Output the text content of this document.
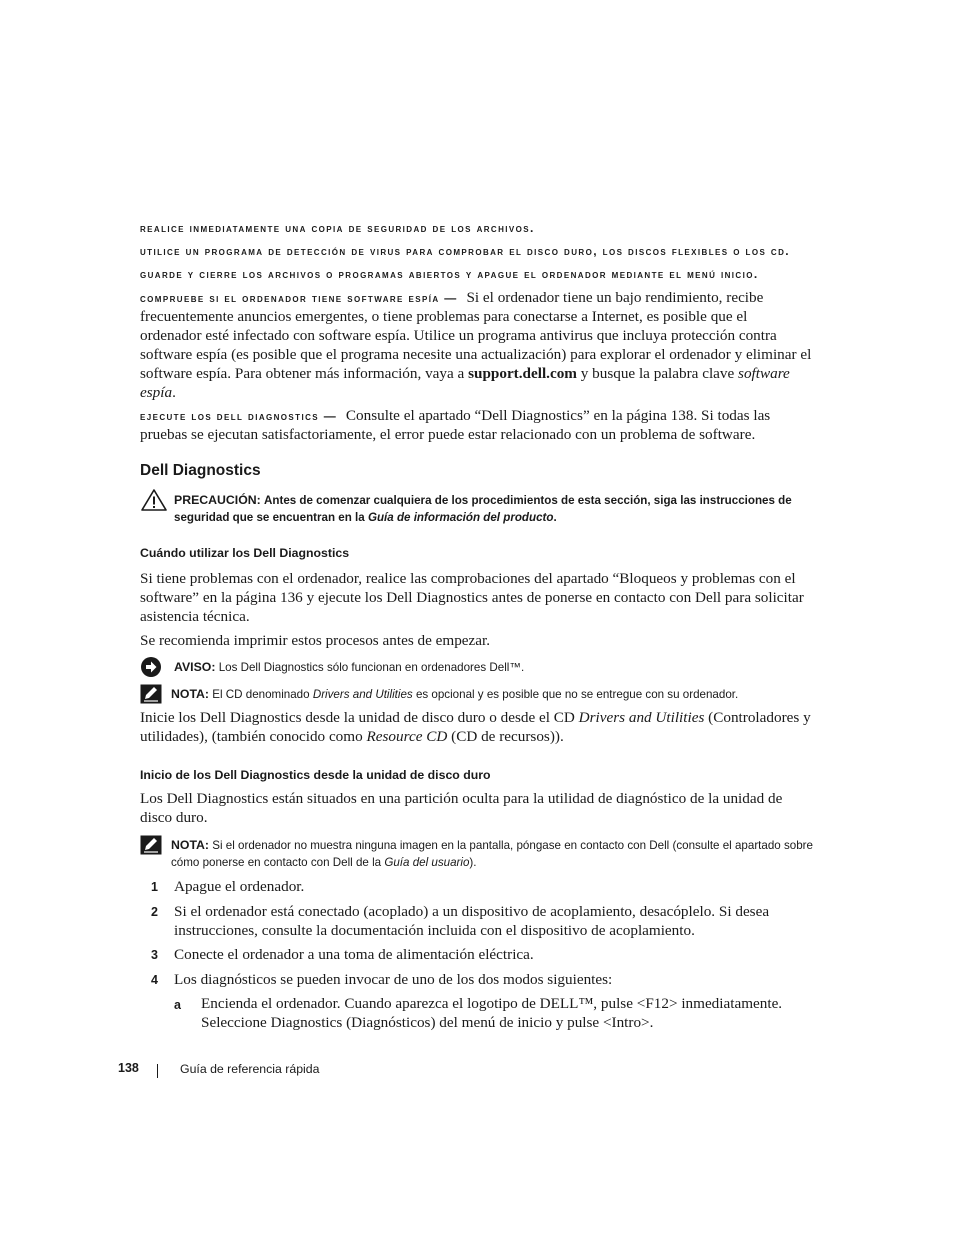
realice inmediatamente una copia de seguridad de los archivos.
utilice un programa de detección de virus para comprobar el disco duro, los discos flexibles o los cd.
guarde y cierre los archivos o programas abiertos y apague el ordenador mediante el menú inicio.

compruebe si el ordenador tiene software espía — Si el ordenador tiene un bajo rendimiento, recibe frecuentemente anuncios emergentes, o tiene problemas para conectarse a Internet, es posible que el ordenador esté infectado con software espía. Utilice un programa antivirus que incluya protección contra software espía (es posible que el programa necesite una actualización) para explorar el ordenador y eliminar el software espía. Para obtener más información, vaya a support.dell.com y busque la palabra clave software espía.

ejecute los dell diagnostics — Consulte el apartado “Dell Diagnostics” en la página 138. Si todas las pruebas se ejecutan satisfactoriamente, el error puede estar relacionado con un problema de software.

Dell Diagnostics

PRECAUCIÓN: Antes de comenzar cualquiera de los procedimientos de esta sección, siga las instrucciones de seguridad que se encuentran en la Guía de información del producto.

Cuándo utilizar los Dell Diagnostics

Si tiene problemas con el ordenador, realice las comprobaciones del apartado “Bloqueos y problemas con el software” en la página 136 y ejecute los Dell Diagnostics antes de ponerse en contacto con Dell para solicitar asistencia técnica.

Se recomienda imprimir estos procesos antes de empezar.

AVISO: Los Dell Diagnostics sólo funcionan en ordenadores Dell™.

NOTA: El CD denominado Drivers and Utilities es opcional y es posible que no se entregue con su ordenador.

Inicie los Dell Diagnostics desde la unidad de disco duro o desde el CD Drivers and Utilities (Controladores y utilidades), (también conocido como Resource CD (CD de recursos)).

Inicio de los Dell Diagnostics desde la unidad de disco duro

Los Dell Diagnostics están situados en una partición oculta para la utilidad de diagnóstico de la unidad de disco duro.

NOTA: Si el ordenador no muestra ninguna imagen en la pantalla, póngase en contacto con Dell (consulte el apartado sobre cómo ponerse en contacto con Dell de la Guía del usuario).

1 Apague el ordenador.

2 Si el ordenador está conectado (acoplado) a un dispositivo de acoplamiento, desacóplelo. Si desea instrucciones, consulte la documentación incluida con el dispositivo de acoplamiento.

3 Conecte el ordenador a una toma de alimentación eléctrica.

4 Los diagnósticos se pueden invocar de uno de los dos modos siguientes:

a Encienda el ordenador. Cuando aparezca el logotipo de DELL™, pulse <F12> inmediatamente. Seleccione Diagnostics (Diagnósticos) del menú de inicio y pulse <Intro>.

138	Guía de referencia rápida
